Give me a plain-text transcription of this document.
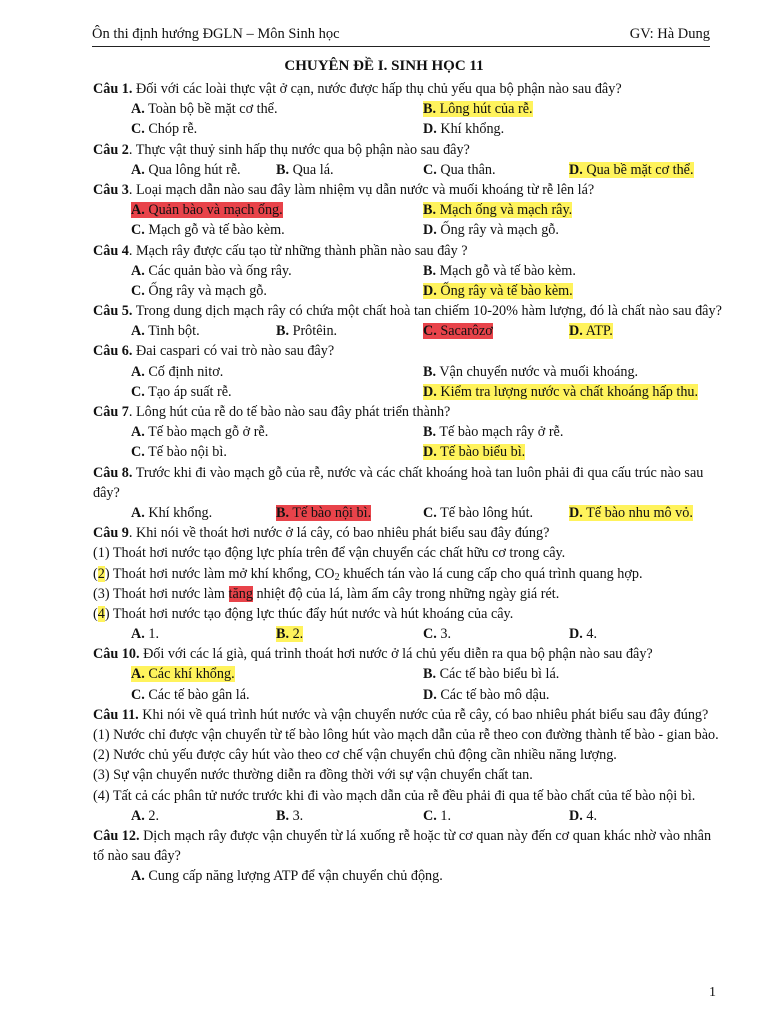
Ôn thi định hướng ĐGLN – Môn Sinh học	GV: Hà Dung
CHUYÊN ĐỀ I. SINH HỌC 11
Câu 1. Đối với các loài thực vật ở cạn, nước được hấp thụ chủ yếu qua bộ phận nào sau đây?
A. Toàn bộ bề mặt cơ thể.	B. Lông hút của rễ.
C. Chóp rễ.	D. Khí khổng.
Câu 2. Thực vật thuỷ sinh hấp thụ nước qua bộ phận nào sau đây?
A. Qua lông hút rễ. B. Qua lá.	C. Qua thân.	D. Qua bề mặt cơ thể.
Câu 3. Loại mạch dẫn nào sau đây làm nhiệm vụ dẫn nước và muối khoáng từ rễ lên lá?
A. Quản bào và mạch ống.	B. Mạch ống và mạch rây.
C. Mạch gỗ và tế bào kèm.	D. Ống rây và mạch gỗ.
Câu 4. Mạch rây được cấu tạo từ những thành phần nào sau đây ?
A. Các quản bào và ống rây.	B. Mạch gỗ và tế bào kèm.
C. Ống rây và mạch gỗ.	D. Ống rây và tế bào kèm.
Câu 5. Trong dung dịch mạch rây có chứa một chất hoà tan chiếm 10-20% hàm lượng, đó là chất nào sau đây?
A. Tinh bột.	B. Prôtêin.	C. Sacarôzơ	D. ATP.
Câu 6. Đai caspari có vai trò nào sau đây?
A. Cố định nitơ.	B. Vận chuyển nước và muối khoáng.
C. Tạo áp suất rễ.	D. Kiểm tra lượng nước và chất khoáng hấp thu.
Câu 7. Lông hút của rễ do tế bào nào sau đây phát triển thành?
A. Tế bào mạch gỗ ở rễ.	B. Tế bào mạch rây ở rễ.
C. Tế bào nội bì.	D. Tế bào biểu bì.
Câu 8. Trước khi đi vào mạch gỗ của rễ, nước và các chất khoáng hoà tan luôn phải đi qua cấu trúc nào sau đây?
A. Khí khổng.	B. Tế bào nội bì.	C. Tế bào lông hút.	D. Tế bào nhu mô vỏ.
Câu 9. Khi nói về thoát hơi nước ở lá cây, có bao nhiêu phát biểu sau đây đúng?
(1) Thoát hơi nước tạo động lực phía trên để vận chuyển các chất hữu cơ trong cây.
(2) Thoát hơi nước làm mở khí khổng, $CO_2$ khuếch tán vào lá cung cấp cho quá trình quang hợp.
(3) Thoát hơi nước làm tăng nhiệt độ của lá, làm ấm cây trong những ngày giá rét.
(4) Thoát hơi nước tạo động lực thúc đẩy hút nước và hút khoáng của cây.
A. 1.	B. 2.	C. 3.	D. 4.
Câu 10. Đối với các lá già, quá trình thoát hơi nước ở lá chủ yếu diễn ra qua bộ phận nào sau đây?
A. Các khí khổng.	B. Các tế bào biểu bì lá.
C. Các tế bào gân lá.	D. Các tế bào mô dậu.
Câu 11. Khi nói về quá trình hút nước và vận chuyển nước của rễ cây, có bao nhiêu phát biểu sau đây đúng?
(1) Nước chỉ được vận chuyển từ tế bào lông hút vào mạch dẫn của rễ theo con đường thành tế bào - gian bào.
(2) Nước chủ yếu được cây hút vào theo cơ chế vận chuyển chủ động cần nhiều năng lượng.
(3) Sự vận chuyển nước thường diễn ra đồng thời với sự vận chuyển chất tan.
(4) Tất cả các phân tử nước trước khi đi vào mạch dẫn của rễ đều phải đi qua tế bào chất của tế bào nội bì.
A. 2.	B. 3.	C. 1.	D. 4.
Câu 12. Dịch mạch rây được vận chuyển từ lá xuống rễ hoặc từ cơ quan này đến cơ quan khác nhờ vào nhân tố nào sau đây?
A. Cung cấp năng lượng ATP để vận chuyển chủ động.
1
